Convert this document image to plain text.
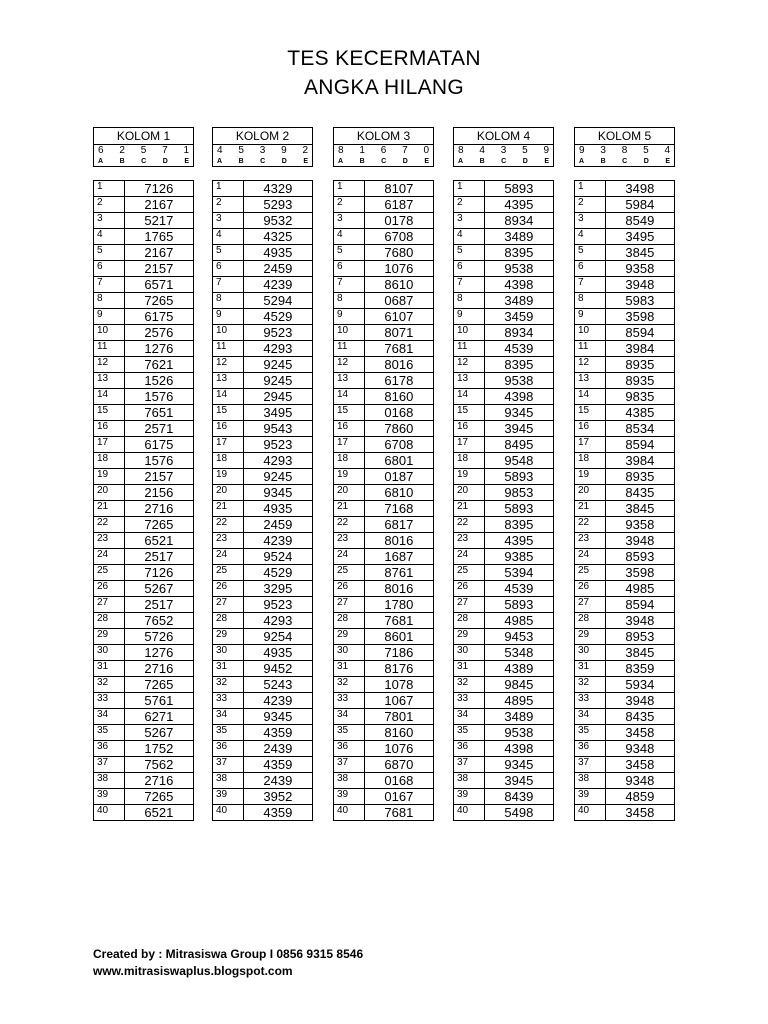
TES KECERMATAN
ANGKA HILANG
KOLOM 1
6 2 5 7 1
A B C D E
1	7126
2	2167
3	5217
4	1765
5	2167
6	2157
7	6571
8	7265
9	6175
10	2576
11	1276
12	7621
13	1526
14	1576
15	7651
16	2571
17	6175
18	1576
19	2157
20	2156
21	2716
22	7265
23	6521
24	2517
25	7126
26	5267
27	2517
28	7652
29	5726
30	1276
31	2716
32	7265
33	5761
34	6271
35	5267
36	1752
37	7562
38	2716
39	7265
40	6521
KOLOM 2
4 5 3 9 2
A B C D E
1	4329
2	5293
3	9532
4	4325
5	4935
6	2459
7	4239
8	5294
9	4529
10	9523
11	4293
12	9245
13	9245
14	2945
15	3495
16	9543
17	9523
18	4293
19	9245
20	9345
21	4935
22	2459
23	4239
24	9524
25	4529
26	3295
27	9523
28	4293
29	9254
30	4935
31	9452
32	5243
33	4239
34	9345
35	4359
36	2439
37	4359
38	2439
39	3952
40	4359
KOLOM 3
8 1 6 7 0
A B C D E
1	8107
2	6187
3	0178
4	6708
5	7680
6	1076
7	8610
8	0687
9	6107
10	8071
11	7681
12	8016
13	6178
14	8160
15	0168
16	7860
17	6708
18	6801
19	0187
20	6810
21	7168
22	6817
23	8016
24	1687
25	8761
26	8016
27	1780
28	7681
29	8601
30	7186
31	8176
32	1078
33	1067
34	7801
35	8160
36	1076
37	6870
38	0168
39	0167
40	7681
KOLOM 4
8 4 3 5 9
A B C D E
1	5893
2	4395
3	8934
4	3489
5	8395
6	9538
7	4398
8	3489
9	3459
10	8934
11	4539
12	8395
13	9538
14	4398
15	9345
16	3945
17	8495
18	9548
19	5893
20	9853
21	5893
22	8395
23	4395
24	9385
25	5394
26	4539
27	5893
28	4985
29	9453
30	5348
31	4389
32	9845
33	4895
34	3489
35	9538
36	4398
37	9345
38	3945
39	8439
40	5498
KOLOM 5
9 3 8 5 4
A B C D E
1	3498
2	5984
3	8549
4	3495
5	3845
6	9358
7	3948
8	5983
9	3598
10	8594
11	3984
12	8935
13	8935
14	9835
15	4385
16	8534
17	8594
18	3984
19	8935
20	8435
21	3845
22	9358
23	3948
24	8593
25	3598
26	4985
27	8594
28	3948
29	8953
30	3845
31	8359
32	5934
33	3948
34	8435
35	3458
36	9348
37	3458
38	9348
39	4859
40	3458
Created by : Mitrasiswa Group I 0856 9315 8546
www.mitrasiswaplus.blogspot.com
